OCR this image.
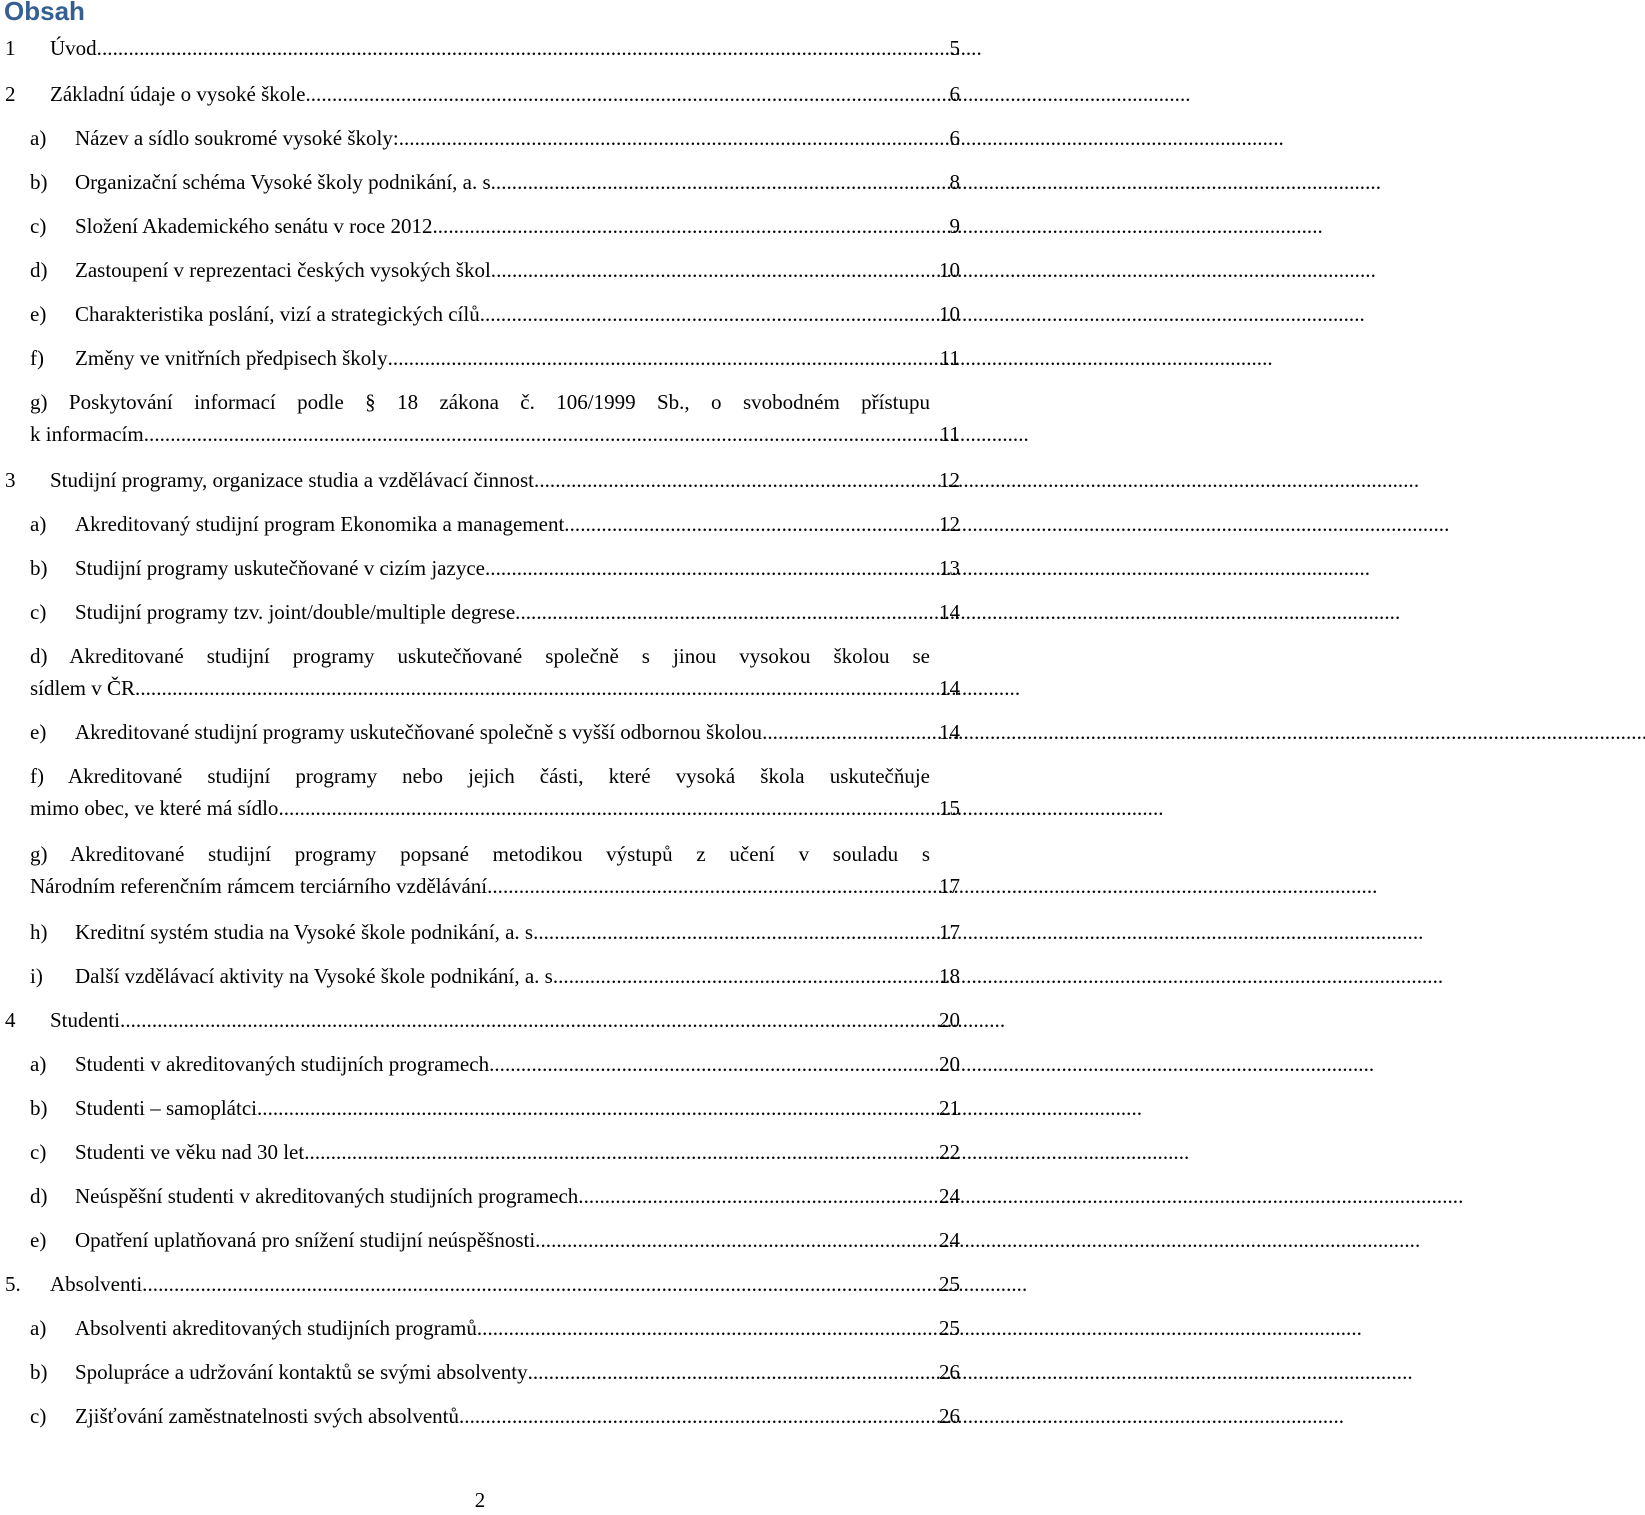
Obsah
1	Úvod . . .	5
2	Základní údaje o vysoké škole . . .	6
a)	Název a sídlo soukromé vysoké školy: . . .	6
b)	Organizační schéma Vysoké školy podnikání, a. s. . . .	8
c)	Složení Akademického senátu v roce 2012. . . .	9
d)	Zastoupení v reprezentaci českých vysokých škol . . .	10
e)	Charakteristika poslání, vizí a strategických cílů . . .	10
f)	Změny ve vnitřních předpisech školy . . .	11
g) Poskytování informací podle § 18 zákona č. 106/1999 Sb., o svobodném přístupu
k informacím . . .	11
3	Studijní programy, organizace studia a vzdělávací činnost . . .	12
a)	Akreditovaný studijní program Ekonomika a management . . .	12
b)	Studijní programy uskutečňované v cizím jazyce . . .	13
c)	Studijní programy tzv. joint/double/multiple degrese . . .	14
d) Akreditované studijní programy uskutečňované společně s jinou vysokou školou se
sídlem v ČR . . .	14
e)	Akreditované studijní programy uskutečňované společně s vyšší odbornou školou . . .	14
f) Akreditované studijní programy nebo jejich části, které vysoká škola uskutečňuje
mimo obec, ve které má sídlo . . .	15
g) Akreditované studijní programy popsané metodikou výstupů z učení v souladu s
Národním referenčním rámcem terciárního vzdělávání. . . .	17
h)	Kreditní systém studia na Vysoké škole podnikání, a. s. . . .	17
i)	Další vzdělávací aktivity na Vysoké škole podnikání, a. s. . . .	18
4	Studenti . . .	20
a)	Studenti v akreditovaných studijních programech . . .	20
b)	Studenti – samoplátci . . .	21
c)	Studenti ve věku nad 30 let . . .	22
d)	Neúspěšní studenti v akreditovaných studijních programech . . .	24
e)	Opatření uplatňovaná pro snížení studijní neúspěšnosti . . .	24
5.	Absolventi . . .	25
a)	Absolventi akreditovaných studijních programů . . .	25
b)	Spolupráce a udržování kontaktů se svými absolventy . . .	26
c)	Zjišťování zaměstnatelnosti svých absolventů . . .	26
2
